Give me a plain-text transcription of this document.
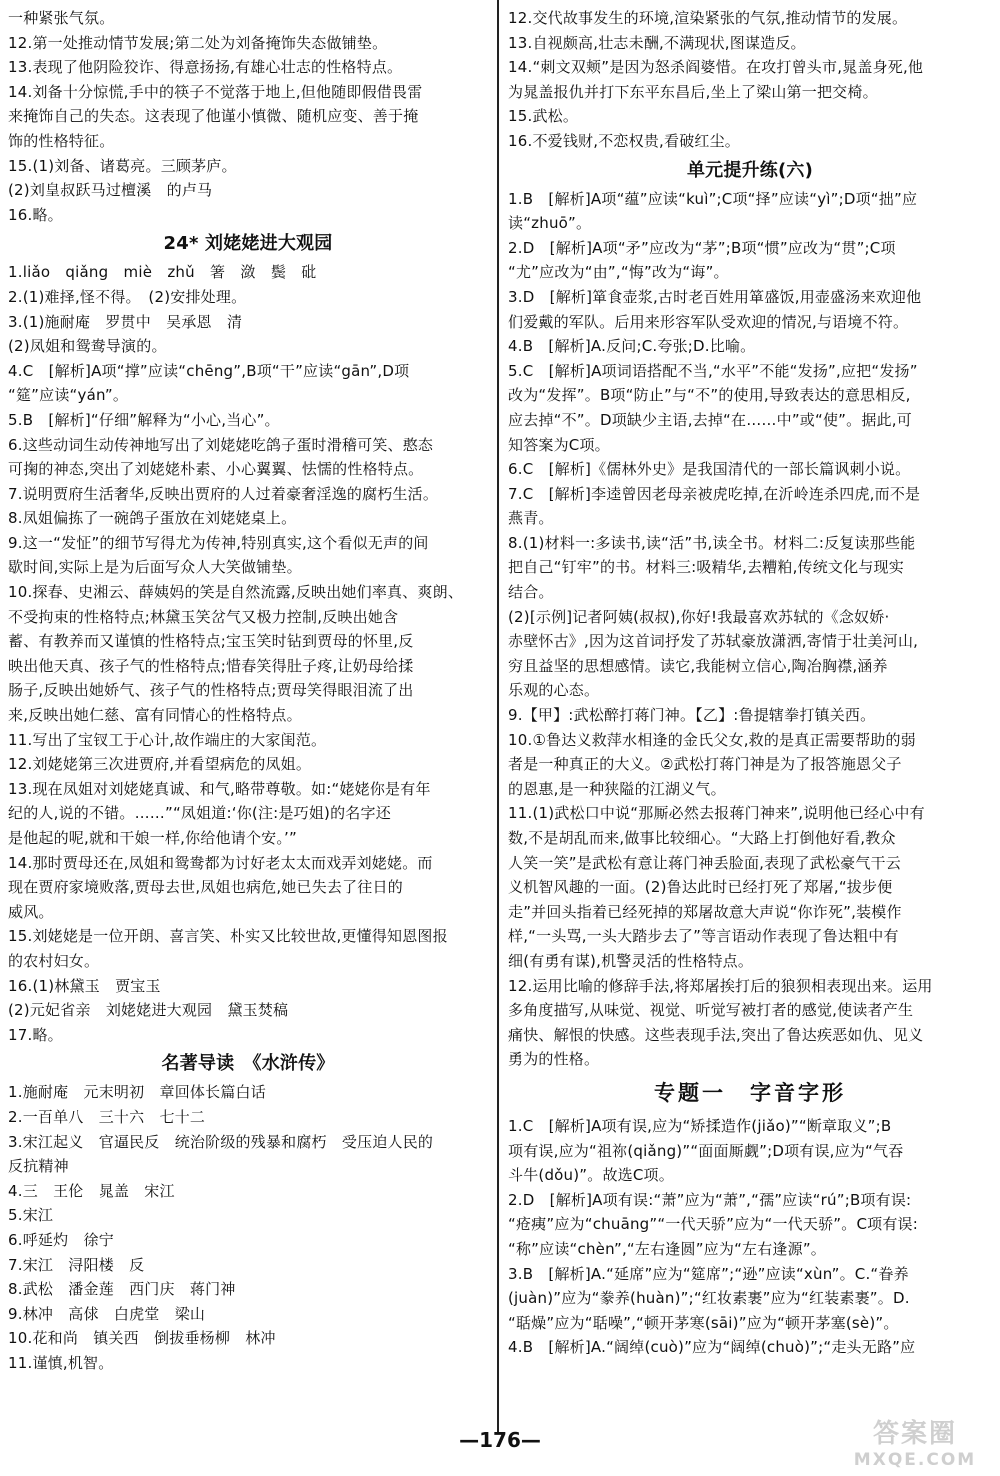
一种紧张气氛。
12.第一处推动情节发展;第二处为刘备掩饰失态做铺垫。
13.表现了他阴险狡诈、得意扬扬,有雄心壮志的性格特点。
14.刘备十分惊慌,手中的筷子不觉落于地上,但他随即假借畏雷
来掩饰自己的失态。这表现了他谨小慎微、随机应变、善于掩
饰的性格特征。
15.(1)刘备、诸葛亮。三顾茅庐。
(2)刘皇叔跃马过檀溪　的卢马
16.略。
24* 刘姥姥进大观园
1.liǎo　qiǎng　miè　zhǔ　箸　潋　鬓　砒
2.(1)难择,怪不得。　(2)安排处理。
3.(1)施耐庵　罗贯中　吴承恩　清
(2)凤姐和鸳鸯导演的。
4.C　[解析]A项“撑”应读“chēng”,B项“干”应读“gān”,D项
“筵”应读“yán”。
5.B　[解析]“仔细”解释为“小心,当心”。
6.这些动词生动传神地写出了刘姥姥吃鸽子蛋时滑稽可笑、憨态
可掬的神态,突出了刘姥姥朴素、小心翼翼、怯懦的性格特点。
7.说明贾府生活奢华,反映出贾府的人过着豪奢淫逸的腐朽生活。
8.凤姐偏拣了一碗鸽子蛋放在刘姥姥桌上。
9.这一“发怔”的细节写得尤为传神,特别真实,这个看似无声的间
歇时间,实际上是为后面写众人大笑做铺垫。
10.探春、史湘云、薛姨妈的笑是自然流露,反映出她们率真、爽朗、
不受拘束的性格特点;林黛玉笑岔气又极力控制,反映出她含
蓄、有教养而又谨慎的性格特点;宝玉笑时钻到贾母的怀里,反
映出他天真、孩子气的性格特点;惜春笑得肚子疼,让奶母给揉
肠子,反映出她娇气、孩子气的性格特点;贾母笑得眼泪流了出
来,反映出她仁慈、富有同情心的性格特点。
11.写出了宝钗工于心计,故作端庄的大家闺范。
12.刘姥姥第三次进贾府,并看望病危的凤姐。
13.现在凤姐对刘姥姥真诚、和气,略带尊敬。如:“姥姥你是有年
纪的人,说的不错。……”“凤姐道:‘你(注:是巧姐)的名字还
是他起的呢,就和干娘一样,你给他请个安。’”
14.那时贾母还在,凤姐和鸳鸯都为讨好老太太而戏弄刘姥姥。而
现在贾府家境败落,贾母去世,凤姐也病危,她已失去了往日的
威风。
15.刘姥姥是一位开朗、喜言笑、朴实又比较世故,更懂得知恩图报
的农村妇女。
16.(1)林黛玉　贾宝玉
(2)元妃省亲　刘姥姥进大观园　黛玉焚稿
17.略。
名著导读　《水浒传》
1.施耐庵　元末明初　章回体长篇白话
2.一百单八　三十六　七十二
3.宋江起义　官逼民反　统治阶级的残暴和腐朽　受压迫人民的
反抗精神
4.三　王伦　晁盖　宋江
5.宋江
6.呼延灼　徐宁
7.宋江　浔阳楼　反
8.武松　潘金莲　西门庆　蒋门神
9.林冲　高俅　白虎堂　梁山
10.花和尚　镇关西　倒拔垂杨柳　林冲
11.谨慎,机智。
12.交代故事发生的环境,渲染紧张的气氛,推动情节的发展。
13.自视颇高,壮志未酬,不满现状,图谋造反。
14.“刺文双颊”是因为怒杀阎婆惜。在攻打曾头市,晁盖身死,他
为晁盖报仇并打下东平东昌后,坐上了梁山第一把交椅。
15.武松。
16.不爱钱财,不恋权贵,看破红尘。
单元提升练(六)
1.B　[解析]A项“蕴”应读“kuì”;C项“择”应读“yì”;D项“拙”应
读“zhuō”。
2.D　[解析]A项“矛”应改为“茅”;B项“惯”应改为“贯”;C项
“尤”应改为“由”,“悔”改为“诲”。
3.D　[解析]箪食壶浆,古时老百姓用箪盛饭,用壶盛汤来欢迎他
们爱戴的军队。后用来形容军队受欢迎的情况,与语境不符。
4.B　[解析]A.反问;C.夸张;D.比喻。
5.C　[解析]A项词语搭配不当,“水平”不能“发扬”,应把“发扬”
改为“发挥”。B项“防止”与“不”的使用,导致表达的意思相反,
应去掉“不”。D项缺少主语,去掉“在……中”或“使”。据此,可
知答案为C项。
6.C　[解析]《儒林外史》是我国清代的一部长篇讽刺小说。
7.C　[解析]李逵曾因老母亲被虎吃掉,在沂岭连杀四虎,而不是
燕青。
8.(1)材料一:多读书,读“活”书,读全书。材料二:反复读那些能
把自己“钉牢”的书。材料三:吸精华,去糟粕,传统文化与现实
结合。
(2)[示例]记者阿姨(叔叔),你好!我最喜欢苏轼的《念奴娇·
赤壁怀古》,因为这首词抒发了苏轼豪放潇洒,寄情于壮美河山,
穷且益坚的思想感情。读它,我能树立信心,陶冶胸襟,涵养
乐观的心态。
9.【甲】:武松醉打蒋门神。【乙】:鲁提辖拳打镇关西。
10.①鲁达义救萍水相逢的金氏父女,救的是真正需要帮助的弱
者是一种真正的大义。②武松打蒋门神是为了报答施恩父子
的恩惠,是一种狭隘的江湖义气。
11.(1)武松口中说“那厮必然去报蒋门神来”,说明他已经心中有
数,不是胡乱而来,做事比较细心。“大路上打倒他好看,教众
人笑一笑”是武松有意让蒋门神丢脸面,表现了武松豪气干云
义机智风趣的一面。(2)鲁达此时已经打死了郑屠,“拔步便
走”并回头指着已经死掉的郑屠故意大声说“你诈死”,装模作
样,“一头骂,一头大踏步去了”等言语动作表现了鲁达粗中有
细(有勇有谋),机警灵活的性格特点。
12.运用比喻的修辞手法,将郑屠挨打后的狼狈相表现出来。运用
多角度描写,从味觉、视觉、听觉写被打者的感觉,使读者产生
痛快、解恨的快感。这些表现手法,突出了鲁达疾恶如仇、见义
勇为的性格。
专题一　字音字形
1.C　[解析]A项有误,应为“矫揉造作(jiǎo)”“断章取义”;B
项有误,应为“祖祢(qiǎng)”“面面厮觑”;D项有误,应为“气吞
斗牛(dǒu)”。故选C项。
2.D　[解析]A项有误:“萧”应为“萧”,“孺”应读“rú”;B项有误:
“疮痍”应为“chuāng”“一代天骄”应为“一代天骄”。C项有误:
“称”应读“chèn”,“左右逢圆”应为“左右逢源”。
3.B　[解析]A.“延席”应为“筵席”;“逊”应读“xùn”。C.“眷养
(juàn)”应为“豢养(huàn)”;“红妆素裹”应为“红装素裹”。D.
“聒燥”应为“聒噪”,“顿开茅寒(sāi)”应为“顿开茅塞(sè)”。
4.B　[解析]A.“阔绰(cuò)”应为“阔绰(chuò)”;“走头无路”应
—176—	答案圈
MXQE.COM
